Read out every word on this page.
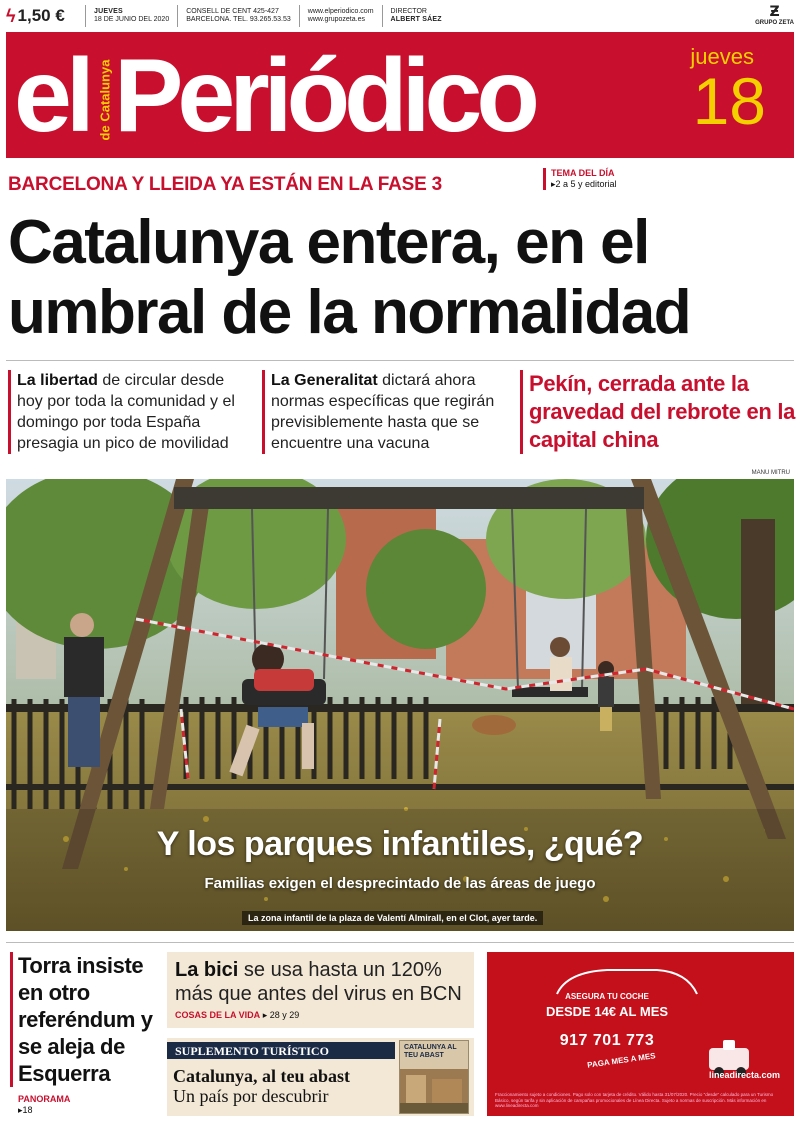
ϟ 1,50 €	JUEVES
18 DE JUNIO DEL 2020
CONSELL DE CENT 425-427
BARCELONA. TEL. 93.265.53.53
www.elperiodico.com
www.grupozeta.es
DIRECTOR
ALBERT SÁEZ	Ƶ
GRUPO ZETA
el de Catalunya Periódico	jueves
18
BARCELONA Y LLEIDA YA ESTÁN EN LA FASE 3
TEMA DEL DÍA
▸2 a 5 y editorial
Catalunya entera, en el umbral de la normalidad
La libertad de circular desde hoy por toda la comunidad y el domingo por toda España presagia un pico de movilidad
La Generalitat dictará ahora normas específicas que regirán previsiblemente hasta que se encuentre una vacuna
Pekín, cerrada ante la gravedad del rebrote en la capital china
MANU MITRU
Y los parques infantiles, ¿qué?
Familias exigen el desprecintado de las áreas de juego
La zona infantil de la plaza de Valentí Almirall, en el Clot, ayer tarde.
Torra insiste en otro referéndum y se aleja de Esquerra
PANORAMA
▸18
La bici se usa hasta un 120% más que antes del virus en BCN
COSAS DE LA VIDA ▸ 28 y 29
SUPLEMENTO TURÍSTICO
Catalunya, al teu abast
Un país por descubrir
CATALUNYA AL TEU ABAST
ASEGURA TU COCHE
DESDE 14€ AL MES
917 701 773
PAGA MES A MES
lineadirecta.com
Fraccionamiento sujeto a condiciones. Pago solo con tarjeta de crédito. Válido hasta 31/07/2020. Precio "desde" calculado para un Turismo Básico, según tarifa y sin aplicación de campañas promocionales de Línea Directa. Sujeto a normas de suscripción. Más información en www.lineadirecta.com
